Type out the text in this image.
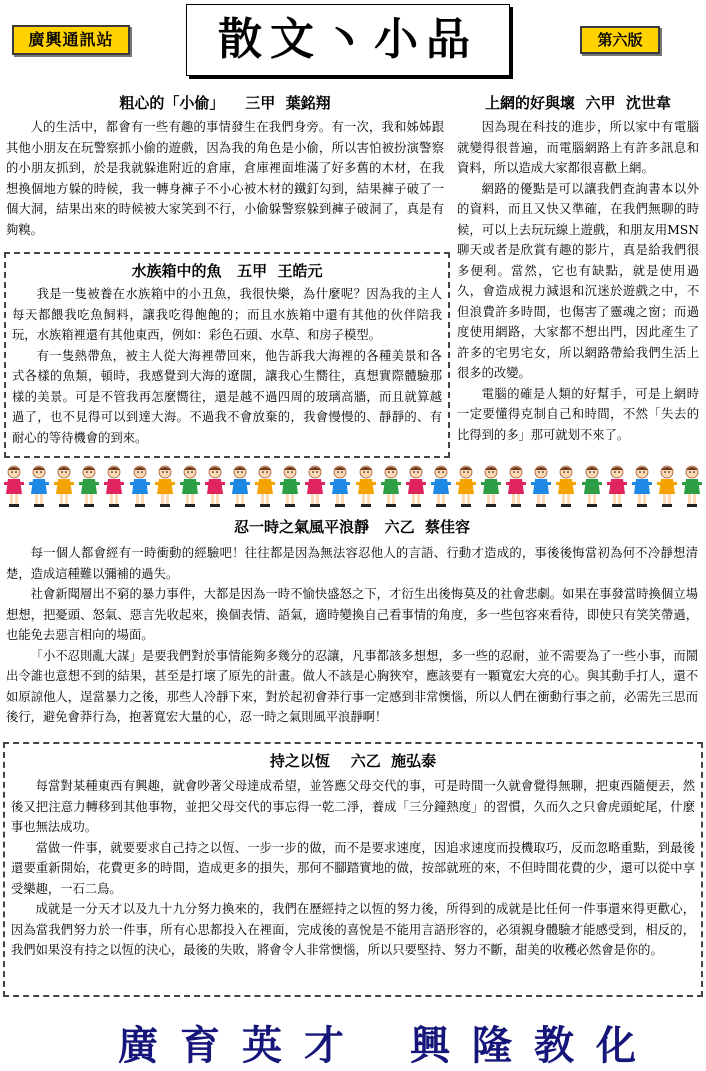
廣興通訊站	散文丶小品	第六版
粗心的「小偷」    三甲  葉銘翔

人的生活中，都會有一些有趣的事情發生在我們身旁。有一次，我和姊姊跟其他小朋友在玩警察抓小偷的遊戲，因為我的角色是小偷，所以害怕被扮演警察的小朋友抓到，於是我就躲進附近的倉庫，倉庫裡面堆滿了好多舊的木材，在我想換個地方躲的時候，我一轉身褲子不小心被木材的鐵釘勾到，結果褲子破了一個大洞，結果出來的時候被大家笑到不行，小偷躲警察躲到褲子破洞了，真是有夠糗。

水族箱中的魚   五甲  王皓元

我是一隻被養在水族箱中的小丑魚，我很快樂，為什麼呢？因為我的主人每天都餵我吃魚飼料，讓我吃得飽飽的；而且水族箱中還有其他的伙伴陪我玩，水族箱裡還有其他東西，例如：彩色石頭、水草、和房子模型。

有一隻熱帶魚，被主人從大海裡帶回來，他告訴我大海裡的各種美景和各式各樣的魚類，頓時，我感覺到大海的遼闊，讓我心生嚮往，真想實際體驗那樣的美景。可是不管我再怎麼嚮往，還是越不過四周的玻璃高牆，而且就算越過了，也不見得可以到達大海。不過我不會放棄的，我會慢慢的、靜靜的、有耐心的等待機會的到來。

上網的好與壞  六甲  沈世韋

因為現在科技的進步，所以家中有電腦就變得很普遍，而電腦網路上有許多訊息和資料，所以造成大家都很喜歡上網。

網路的優點是可以讓我們查詢書本以外的資料，而且又快又準確，在我們無聊的時候，可以上去玩玩線上遊戲，和朋友用MSN聊天或者是欣賞有趣的影片，真是給我們很多便利。當然，它也有缺點，就是使用過久，會造成視力減退和沉迷於遊戲之中，不但浪費許多時間，也傷害了靈魂之窗；而過度使用網路，大家都不想出門，因此產生了許多的宅男宅女，所以網路帶給我們生活上很多的改變。

電腦的確是人類的好幫手，可是上網時一定要懂得克制自己和時間，不然「失去的比得到的多」那可就划不來了。

忍一時之氣風平浪靜   六乙  蔡佳容

每一個人都會經有一時衝動的經驗吧！往往都是因為無法容忍他人的言語、行動才造成的，事後後悔當初為何不冷靜想清楚，造成這種難以彌補的過失。

社會新聞層出不窮的暴力事件，大都是因為一時不愉快盛怒之下，才衍生出後悔莫及的社會悲劇。如果在事發當時換個立場想想，把憂頭、怒氣、惡言先收起來，換個表情、語氣，適時變換自己看事情的角度，多一些包容來看待，即使只有笑笑帶過，也能免去惡言相向的場面。

「小不忍則亂大謀」是要我們對於事情能夠多幾分的忍讓，凡事都該多想想，多一些的忍耐，並不需要為了一些小事，而鬧出令誰也意想不到的結果，甚至是打壞了原先的計畫。做人不該是心胸狹窄，應該要有一顆寬宏大亮的心。與其動手打人，還不如原諒他人，逞當暴力之後，那些人冷靜下來，對於起初會莽行事一定感到非常懊惱，所以人們在衝動行事之前，必需先三思而後行，避免會莽行為，抱著寬宏大量的心，忍一時之氣則風平浪靜啊！

持之以恆    六乙  施弘泰

每當對某種東西有興趣，就會吵著父母達成希望，並答應父母交代的事，可是時間一久就會覺得無聊，把東西隨便丟，然後又把注意力轉移到其他事物，並把父母交代的事忘得一乾二淨，養成「三分鐘熱度」的習慣，久而久之只會虎頭蛇尾，什麼事也無法成功。

當做一件事，就要要求自己持之以恆、一步一步的做，而不是要求速度，因追求速度而投機取巧，反而忽略重點，到最後還要重新開始，花費更多的時間，造成更多的損失，那何不腳踏實地的做，按部就班的來，不但時間花費的少，還可以從中享受樂趣，一石二鳥。

成就是一分天才以及九十九分努力換來的，我們在歷經持之以恆的努力後，所得到的成就是比任何一件事還來得更歡心，因為當我們努力於一件事，所有心思都投入在裡面，完成後的喜悅是不能用言語形容的，必須親身體驗才能感受到，相反的，我們如果沒有持之以恆的決心，最後的失敗，將會令人非常懊惱，所以只要堅持、努力不斷，甜美的收穫必然會是你的。

廣育英才 興隆教化
